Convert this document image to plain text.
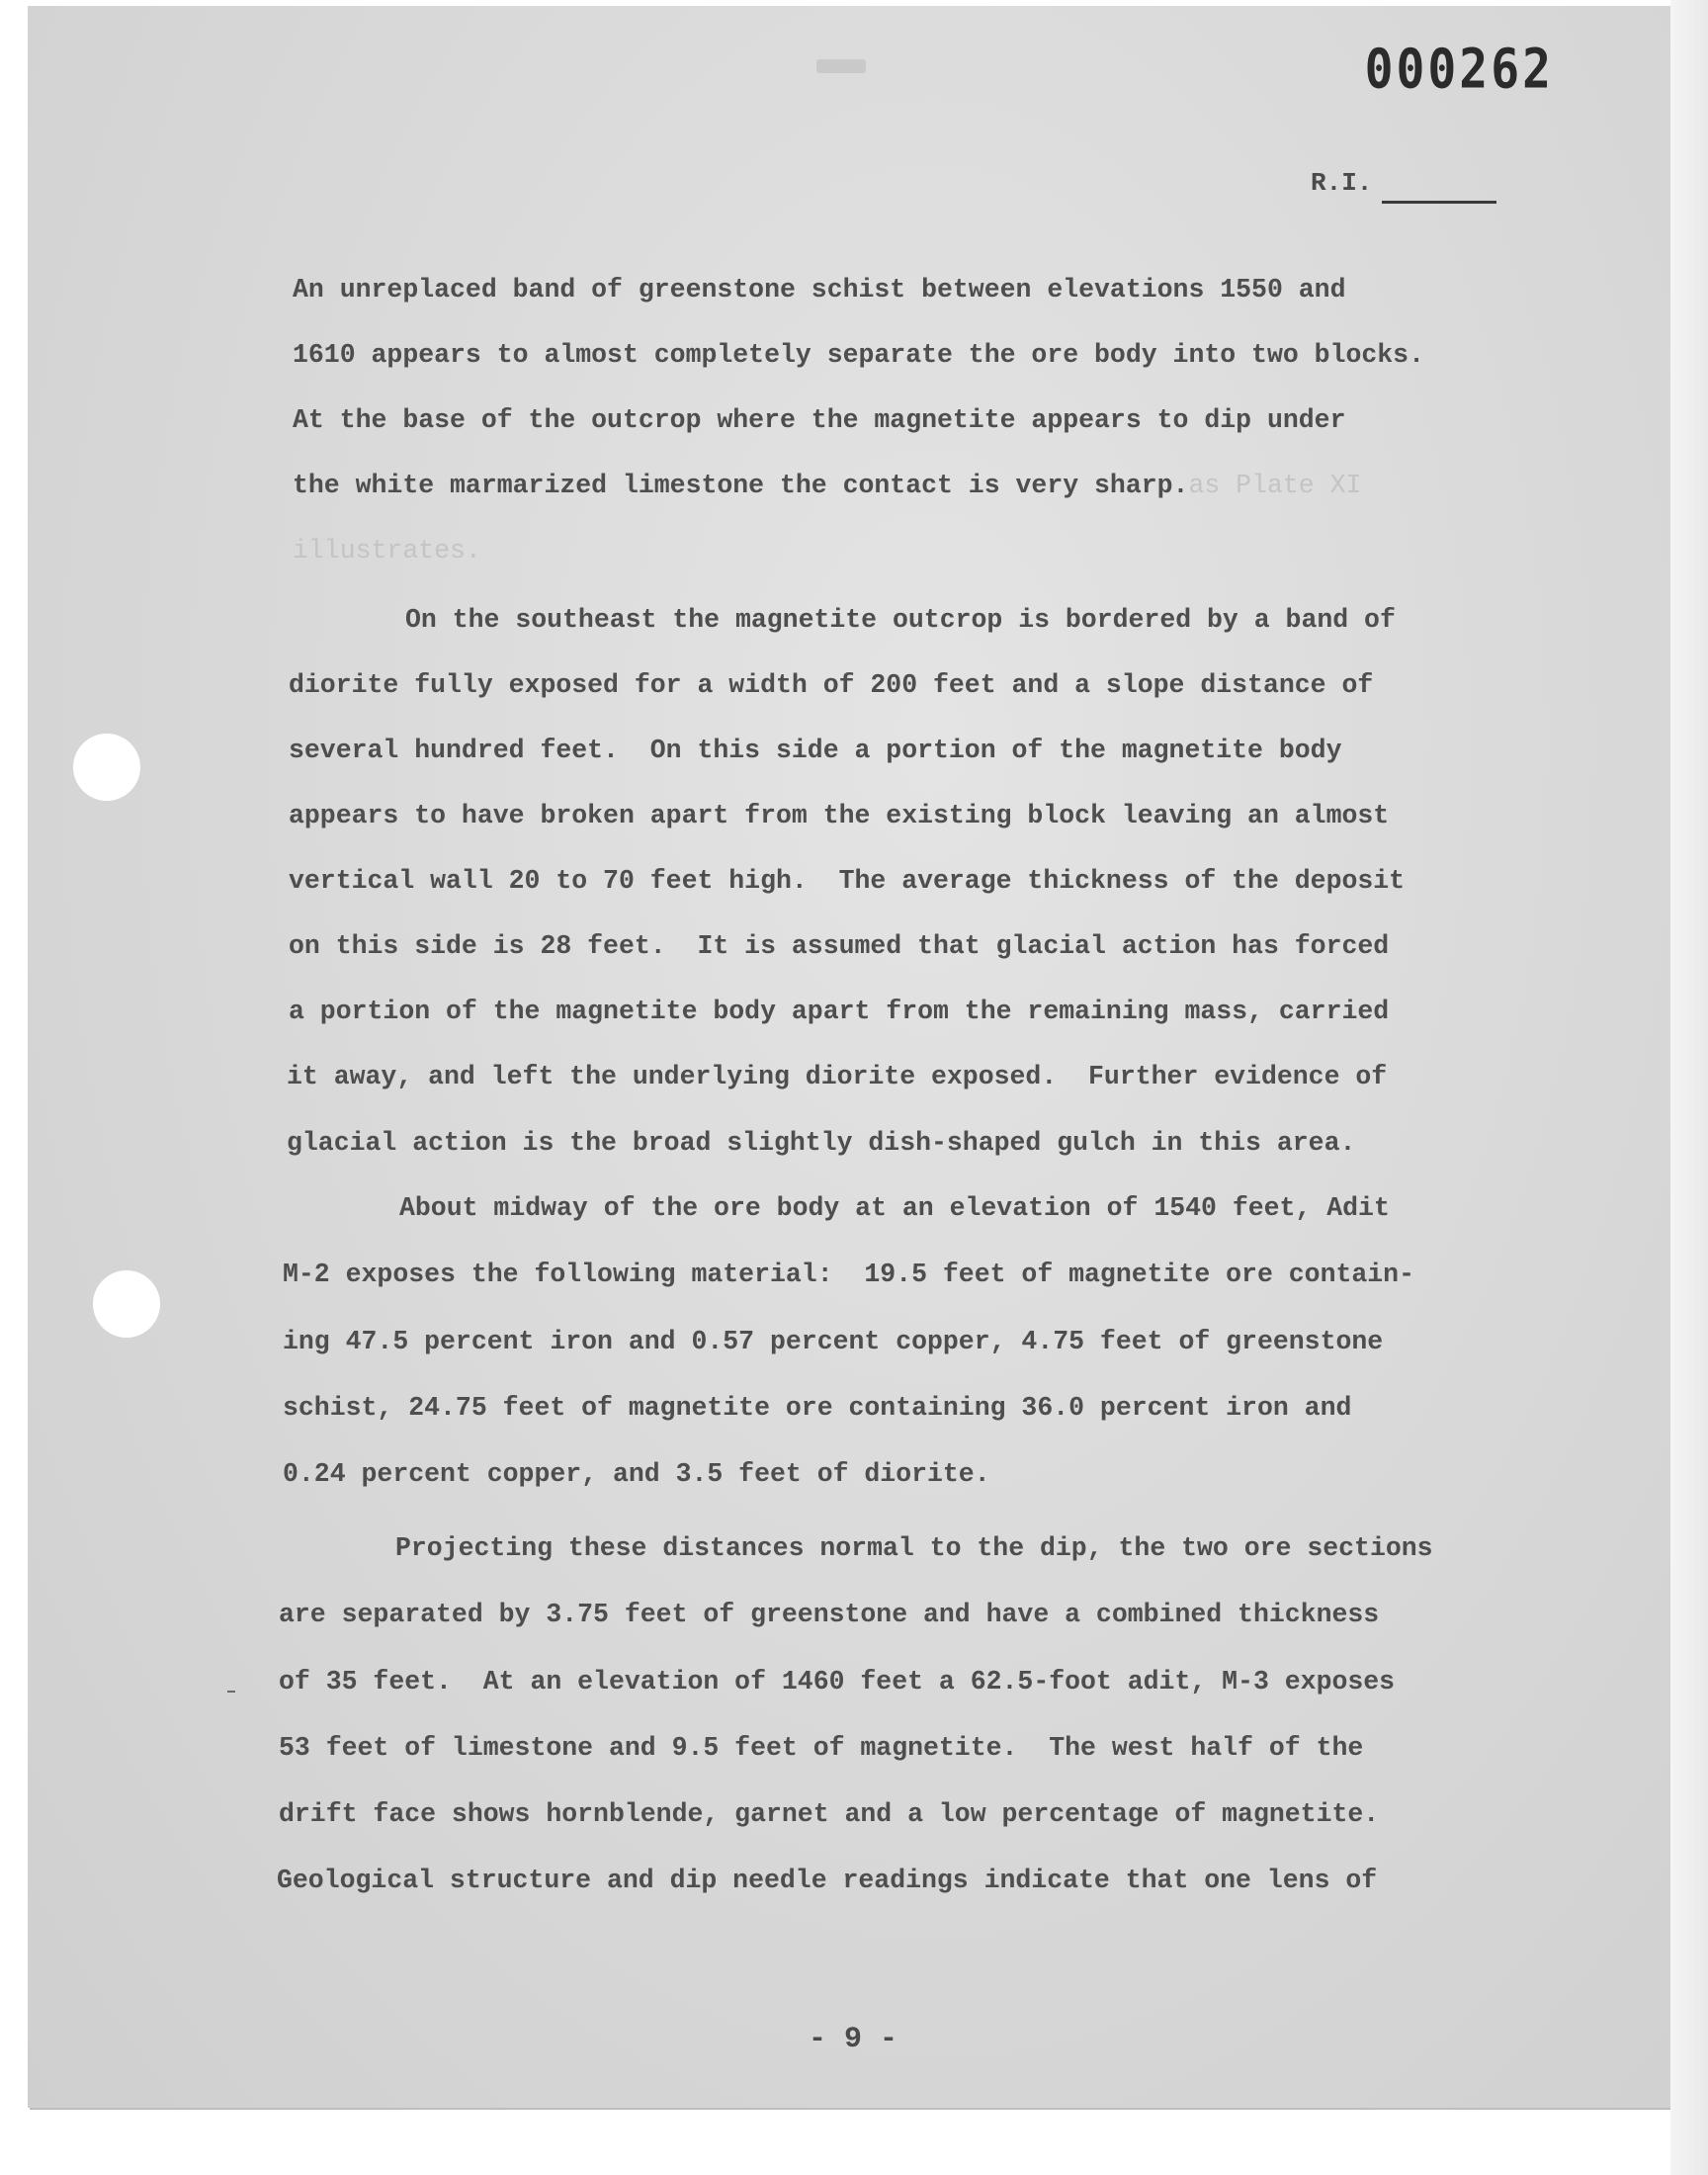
000262
R.I.
An unreplaced band of greenstone schist between elevations 1550 and
1610 appears to almost completely separate the ore body into two blocks.
At the base of the outcrop where the magnetite appears to dip under
the white marmarized limestone the contact is very sharp.as Plate XI
illustrates.
On the southeast the magnetite outcrop is bordered by a band of
diorite fully exposed for a width of 200 feet and a slope distance of
several hundred feet.  On this side a portion of the magnetite body
appears to have broken apart from the existing block leaving an almost
vertical wall 20 to 70 feet high.  The average thickness of the deposit
on this side is 28 feet.  It is assumed that glacial action has forced
a portion of the magnetite body apart from the remaining mass, carried
it away, and left the underlying diorite exposed.  Further evidence of
glacial action is the broad slightly dish-shaped gulch in this area.
About midway of the ore body at an elevation of 1540 feet, Adit
M-2 exposes the following material:  19.5 feet of magnetite ore contain-
ing 47.5 percent iron and 0.57 percent copper, 4.75 feet of greenstone
schist, 24.75 feet of magnetite ore containing 36.0 percent iron and
0.24 percent copper, and 3.5 feet of diorite.
Projecting these distances normal to the dip, the two ore sections
are separated by 3.75 feet of greenstone and have a combined thickness
of 35 feet.  At an elevation of 1460 feet a 62.5-foot adit, M-3 exposes
53 feet of limestone and 9.5 feet of magnetite.  The west half of the
drift face shows hornblende, garnet and a low percentage of magnetite.
Geological structure and dip needle readings indicate that one lens of
- 9 -
